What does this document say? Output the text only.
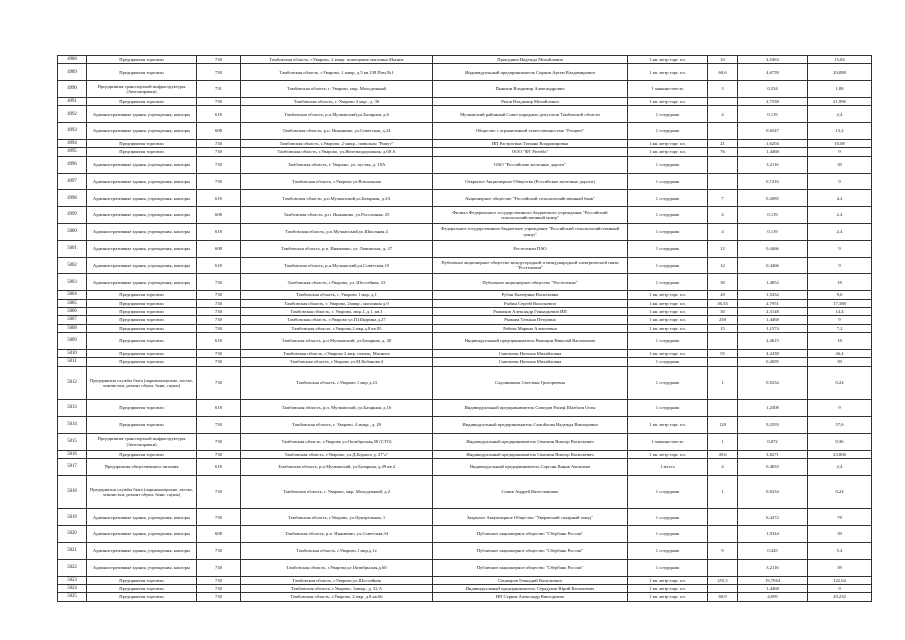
4988	Предприятия торговли	730	Тамбовская область, г.Уварово, 2 микр. помещение магазина Магнит	Прокудина Надежда Михайловна	1 кв. метр торг. пл.	33	2,5463	15,84
4989	Предприятия торговли	730	Тамбовская область, г.Уварово, 1 микр. д.5 кв.138 Пом.№1	Индивидуальный предприниматель Сырков Артем Владимирович	1 кв. метр торг. пл.	60,6	4,6759	29,088
4990	Предприятия транспортной инфраструктуры (Автозаправки)	731	Тамбовская область, г. Уварово, мкр. Молодежный	Пьянзин Владимир Александрович	1 машино-место	3	0,234	1,08
4991	Предприятия торговли	730	Тамбовская область, г. Уварово 4 мкр., д. 30	Рязов Владимир Михайлович	1 кв. метр торг. пл.		2,7538	21,996
4992	Административные здания, учреждения, конторы	618	Тамбовская область, р.п.Мучкапский,ул.Базарная, д.6	Мучкапский районный Совет народных депутатов Тамбовской области	1 сотрудник	4	0,119	2,4
4993	Административные здания, учреждения, конторы	608	Тамбовская область, р.п. Инжавино, ул.Советская, д.24	Общество с ограниченной ответственностью "Расцвет"	1 сотрудник		0,6547	13,2
4994	Предприятия торговли	730	Тамбовская область, г.Уварово, 2 микр., павильон "Ромут"	ИП Растрогина Татьяна Владимировна	1 кв. метр торг. пл.	21	1,6204	10,08
4995	Предприятия торговли	730	Тамбовская область, г.Уварово, ул.Железнодорожная, д.68 А	ООО "ФТ Ритейл"	1 кв. метр торг. пл.	76	1,4468	9
4996	Административные здания, учреждения, конторы	730	Тамбовская область, г. Уварово, ул. пустая, д. 18А	ОАО "Российские железные дороги"	1 сотрудник		3,2116	39
4997	Административные здания, учреждения, конторы	730	Тамбовская область, г.Уварово ул.Вокзальная	Открытое Акционерное Общество (Российские железные дороги)	1 сотрудник		0,7416	9
4998	Административные здания, учреждения, конторы	618	Тамбовская область, р.п.Мучкапский,ул.Базарная, д.3А	Акционерное общество "Российский сельскохозяйственный банк"	1 сотрудник	7	0,2085	4,2
4999	Административные здания, учреждения, конторы	608	Тамбовская область, р.п. Инжавино, ул.Россошная, 25	Филиал Федерального государственного бюджетного учреждения "Российский сельскохозяйственный центр"	1 сотрудник	4	0,119	2,4
5000	Административные здания, учреждения, конторы	618	Тамбовская область, р.п.Мучкапский,ул.Школьная,4	Федеральное государственное бюджетное учреждение "Российский сельскохозяйственный центр"	1 сотрудник	4	0,119	2,4
5001	Административные здания, учреждения, конторы	608	Тамбовская область, р.п. Инжавино, ул. Ленинская, д. 27	Ростелеком ПАО	1 сотрудник	12	0,4466	9
5002	Административные здания, учреждения, конторы	618	Тамбовская область, р.п.Мучкапский,ул.Советская,10	Публичное акционерное общество междугородной и международной электрической связи "Ростелеком"	1 сотрудник	12	0,4466	9
5003	Административные здания, учреждения, конторы	730	Тамбовская область, г.Уварово, ул. Шоссейная, 33	Публичное акционерное общество "Ростелеком"	1 сотрудник	30	1,4852	18
5004	Предприятия торговли	730	Тамбовская область, г. Уварово 1 мкр. д.1	Рубан Екатерина Васильевна	1 кв. метр торг. пл.	20	1,5432	9,6
5005	Предприятия торговли	730	Тамбовская область, г. Уварово, 2микр., магазины д.9	Рыбин Сергей Васильевич	1 кв. метр торг. пл.	36,33	2,7951	17,388
5006	Предприятия торговли	730	Тамбовская область, г. Уварово, мкр.1, д.1, кв.1	Рыжиков Александр Геннадьевич ИП	1 кв. метр торг. пл.	30	2,3148	14,4
5007	Предприятия торговли	730	Тамбовская область, г.Уварово ул.П.Шкорина д.27	Рыжова Татьяна Петровна	1 кв. метр торг. пл.	250	1,4468	9
5008	Предприятия торговли	730	Тамбовская область, г.Уварово,2 мкр.д.8 кв.95	Рябова Марина Алексеевна	1 кв. метр торг. пл.	15	1,1574	7,2
5009	Предприятия торговли	618	Тамбовская область, р.п.Мучкапский, ул.Базарная, д. 20	Индивидуальный предприниматель Ряжицин Николай Васильевич	1 сотрудник		2,4615	18
5010	Предприятия торговли	730	Тамбовская область, г.Уварово 2 мкр. помещ. Магнита	Савельева Наталья Михайловна	1 кв. метр торг. пл.	55	4,2438	26,4
5011	Предприятия торговли	730	Тамбовская область, г.Уварово ул.М.Кобанова 4	Савельева Наталья Михайловна	1 сотрудник		0,2695	39
5012	Предприятия службы быта (парикмахерские, ателье, химчистки, ремонт обуви, бани, сауны)	730	Тамбовская область, г.Уварово 1 мкр д.23	Садовникова Светлана Григорьевна	1 сотрудник	1	0,0234	0,24
5013	Предприятия торговли	618	Тамбовская область, р.п. Мучкапский, ул.Базарная, д.16	Индивидуальный предприниматель Самедов Расиф Шахбази Оглы	1 сотрудник		1,2308	9
5014	Предприятия торговли	730	Тамбовская область, г. Уварово, 4 микр., д. 29	Индивидуальный предприниматель Самойлова Надежда Викторовна	1 кв. метр торг. пл.	120	9,2593	57,6
5015	Предприятия транспортной инфраструктуры (Автозаправки)	730	Тамбовская область, г.Уварово ул.Октябрьская,58 (СТО)	Индивидуальный предприниматель Свиткин Виктор Васильевич	1 машино-место	1	0,072	0,36
5016	Предприятия торговли	730	Тамбовская область, г.Уварово, ул.Д.Бедного д. 27"а"	Индивидуальный предприниматель Свиткин Виктор Васильевич	1 кв. метр торг. пл.	49,6	3,8271	23,808
5017	Предприятия общественного питания	618	Тамбовская область, р.п.Мучкапский, ул.Базарная, д.49 кв.2	Индивидуальный предприниматель Саргсян Ваник Акопович	1 место	4	0,4833	2,4
5018	Предприятия службы быта (парикмахерские, ателье, химчистки, ремонт обуви, бани, сауны)	730	Тамбовская область, г. Уварово, мкр. Молодежный, д.2	Сеник Андрей Вячеславович	1 сотрудник	1	0,0234	0,24
5019	Административные здания, учреждения, конторы	730	Тамбовская область, г.Уварово, ул.Центральная, 1	Закрытое Акционерное Общество "Уваровский сахарный завод"	1 сотрудник		6,4272	78
5020	Административные здания, учреждения, конторы	608	Тамбовская область, р.п. Инжавино, ул.Советская,34	Публичное акционерное общество "Сбербанк России"	1 сотрудник		1,9344	39
5021	Административные здания, учреждения, конторы	730	Тамбовская область, г.Уварово,1 мкр.д.1е	Публичное акционерное общество "Сбербанк России"	1 сотрудник	9	0,445	5,4
5022	Административные здания, учреждения, конторы	730	Тамбовская область, г.Уварово,ул.Октябрьская,д.60	Публичное акционерное общество "Сбербанк России"	1 сотрудник		3,2116	39
5023	Предприятия торговли	730	Тамбовская область, г.Уварово,ул.Шоссейная	Сеншаров Геннадий Васильевич	1 кв. метр торг. пл.	255,5	19,7044	122,64
5024	Предприятия торговли	730	Тамбовская область, г.Уварово, 1микр., д. 32 А	Индивидуальный предприниматель Серадуков Юрий Васильевич	1 кв. метр торг. пл.		1,4468	9
5025	Предприятия торговли	730	Тамбовская область, г.Уварово, 2 мкр. д.8 кв.66	ИП Серков Александр Викторович	1 кв. метр торг. пл.	60,9	4,699	29,232
